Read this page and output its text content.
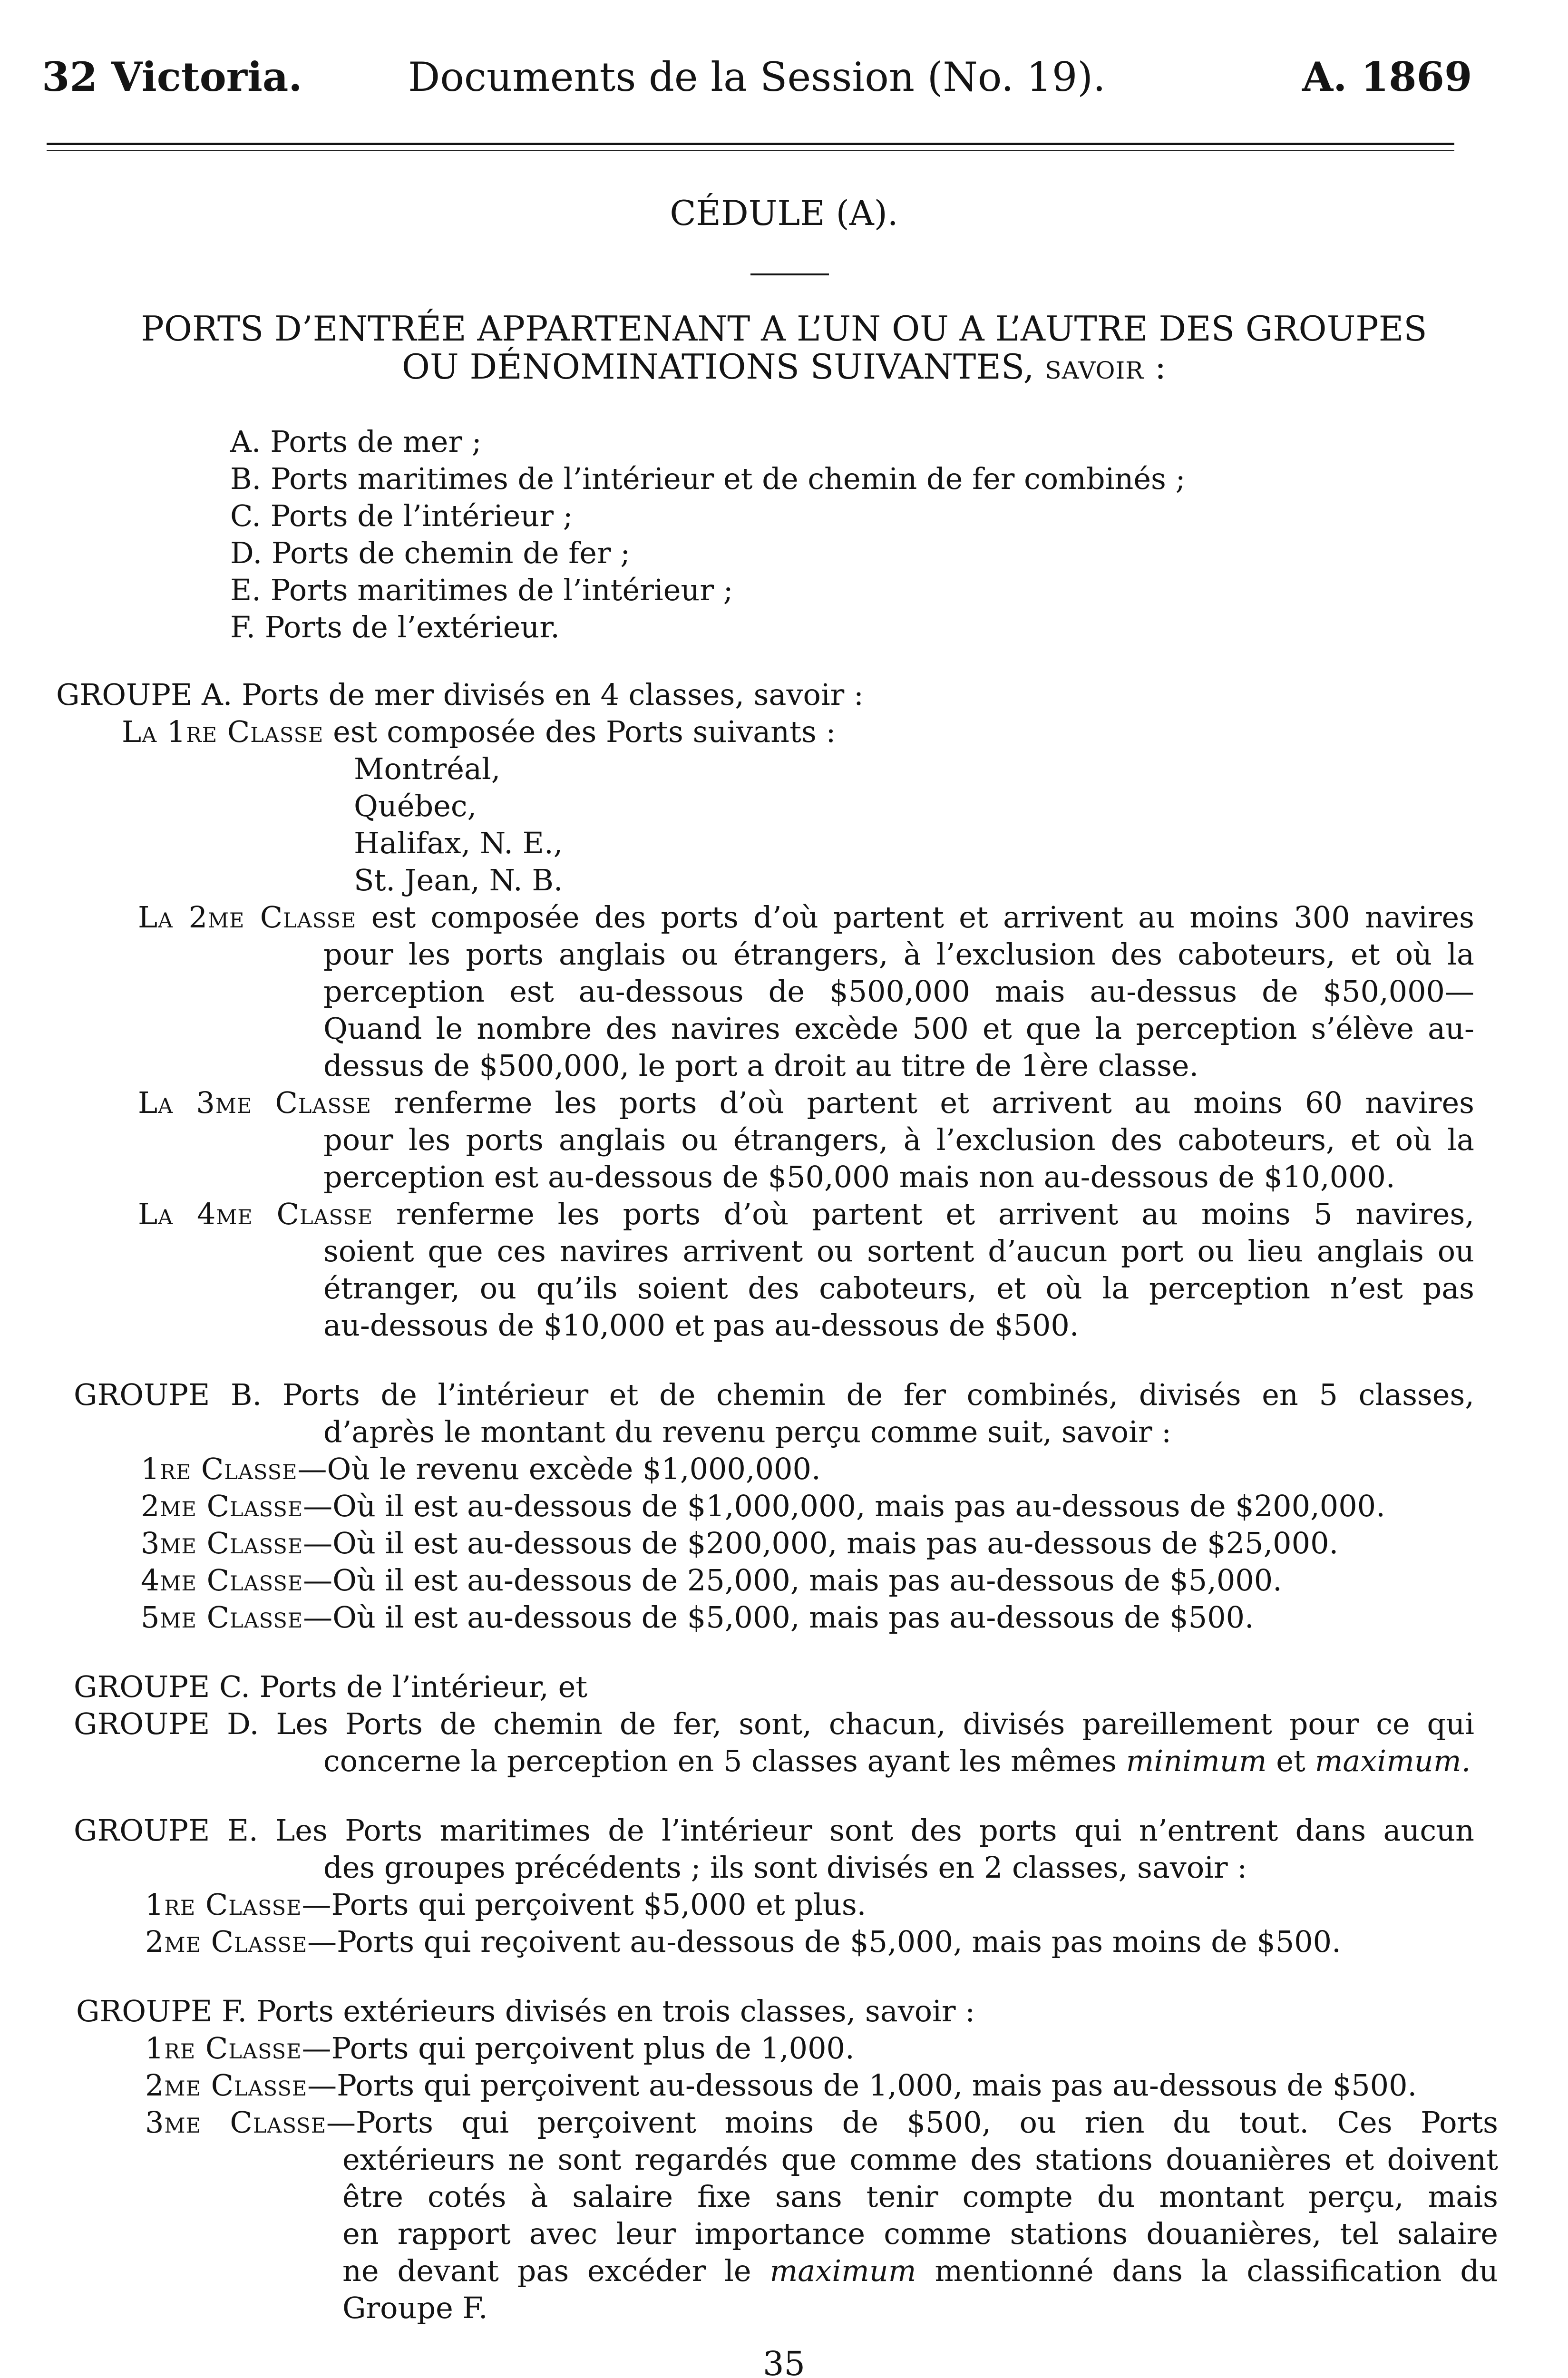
32 Victoria.	Documents de la Session (No. 19).	A. 1869
CÉDULE (A).
PORTS D’ENTRÉE APPARTENANT A L’UN OU A L’AUTRE DES GROUPES
OU DÉNOMINATIONS SUIVANTES, savoir :
A. Ports de mer ;
B. Ports maritimes de l’intérieur et de chemin de fer combinés ;
C. Ports de l’intérieur ;
D. Ports de chemin de fer ;
E. Ports maritimes de l’intérieur ;
F. Ports de l’extérieur.
GROUPE A. Ports de mer divisés en 4 classes, savoir :
La 1re Classe est composée des Ports suivants :
Montréal,
Québec,
Halifax, N. E.,
St. Jean, N. B.
La 2me Classe est composée des ports d’où partent et arrivent au moins 300 navires
pour les ports anglais ou étrangers, à l’exclusion des caboteurs, et où la
perception est au-dessous de $500,000 mais au-dessus de $50,000—
Quand le nombre des navires excède 500 et que la perception s’élève au-
dessus de $500,000, le port a droit au titre de 1ère classe.
La 3me Classe renferme les ports d’où partent et arrivent au moins 60 navires
pour les ports anglais ou étrangers, à l’exclusion des caboteurs, et où la
perception est au-dessous de $50,000 mais non au-dessous de $10,000.
La 4me Classe renferme les ports d’où partent et arrivent au moins 5 navires,
soient que ces navires arrivent ou sortent d’aucun port ou lieu anglais ou
étranger, ou qu’ils soient des caboteurs, et où la perception n’est pas
au-dessous de $10,000 et pas au-dessous de $500.
GROUPE B. Ports de l’intérieur et de chemin de fer combinés, divisés en 5 classes,
d’après le montant du revenu perçu comme suit, savoir :
1re Classe—Où le revenu excède $1,000,000.
2me Classe—Où il est au-dessous de $1,000,000, mais pas au-dessous de $200,000.
3me Classe—Où il est au-dessous de $200,000, mais pas au-dessous de $25,000.
4me Classe—Où il est au-dessous de 25,000, mais pas au-dessous de $5,000.
5me Classe—Où il est au-dessous de $5,000, mais pas au-dessous de $500.
GROUPE C. Ports de l’intérieur, et
GROUPE D. Les Ports de chemin de fer, sont, chacun, divisés pareillement pour ce qui
concerne la perception en 5 classes ayant les mêmes minimum et maximum.
GROUPE E. Les Ports maritimes de l’intérieur sont des ports qui n’entrent dans aucun
des groupes précédents ; ils sont divisés en 2 classes, savoir :
1re Classe—Ports qui perçoivent $5,000 et plus.
2me Classe—Ports qui reçoivent au-dessous de $5,000, mais pas moins de $500.
GROUPE F. Ports extérieurs divisés en trois classes, savoir :
1re Classe—Ports qui perçoivent plus de 1,000.
2me Classe—Ports qui perçoivent au-dessous de 1,000, mais pas au-dessous de $500.
3me Classe—Ports qui perçoivent moins de $500, ou rien du tout. Ces Ports
extérieurs ne sont regardés que comme des stations douanières et doivent
être cotés à salaire fixe sans tenir compte du montant perçu, mais
en rapport avec leur importance comme stations douanières, tel salaire
ne devant pas excéder le maximum mentionné dans la classification du
Groupe F.
35
